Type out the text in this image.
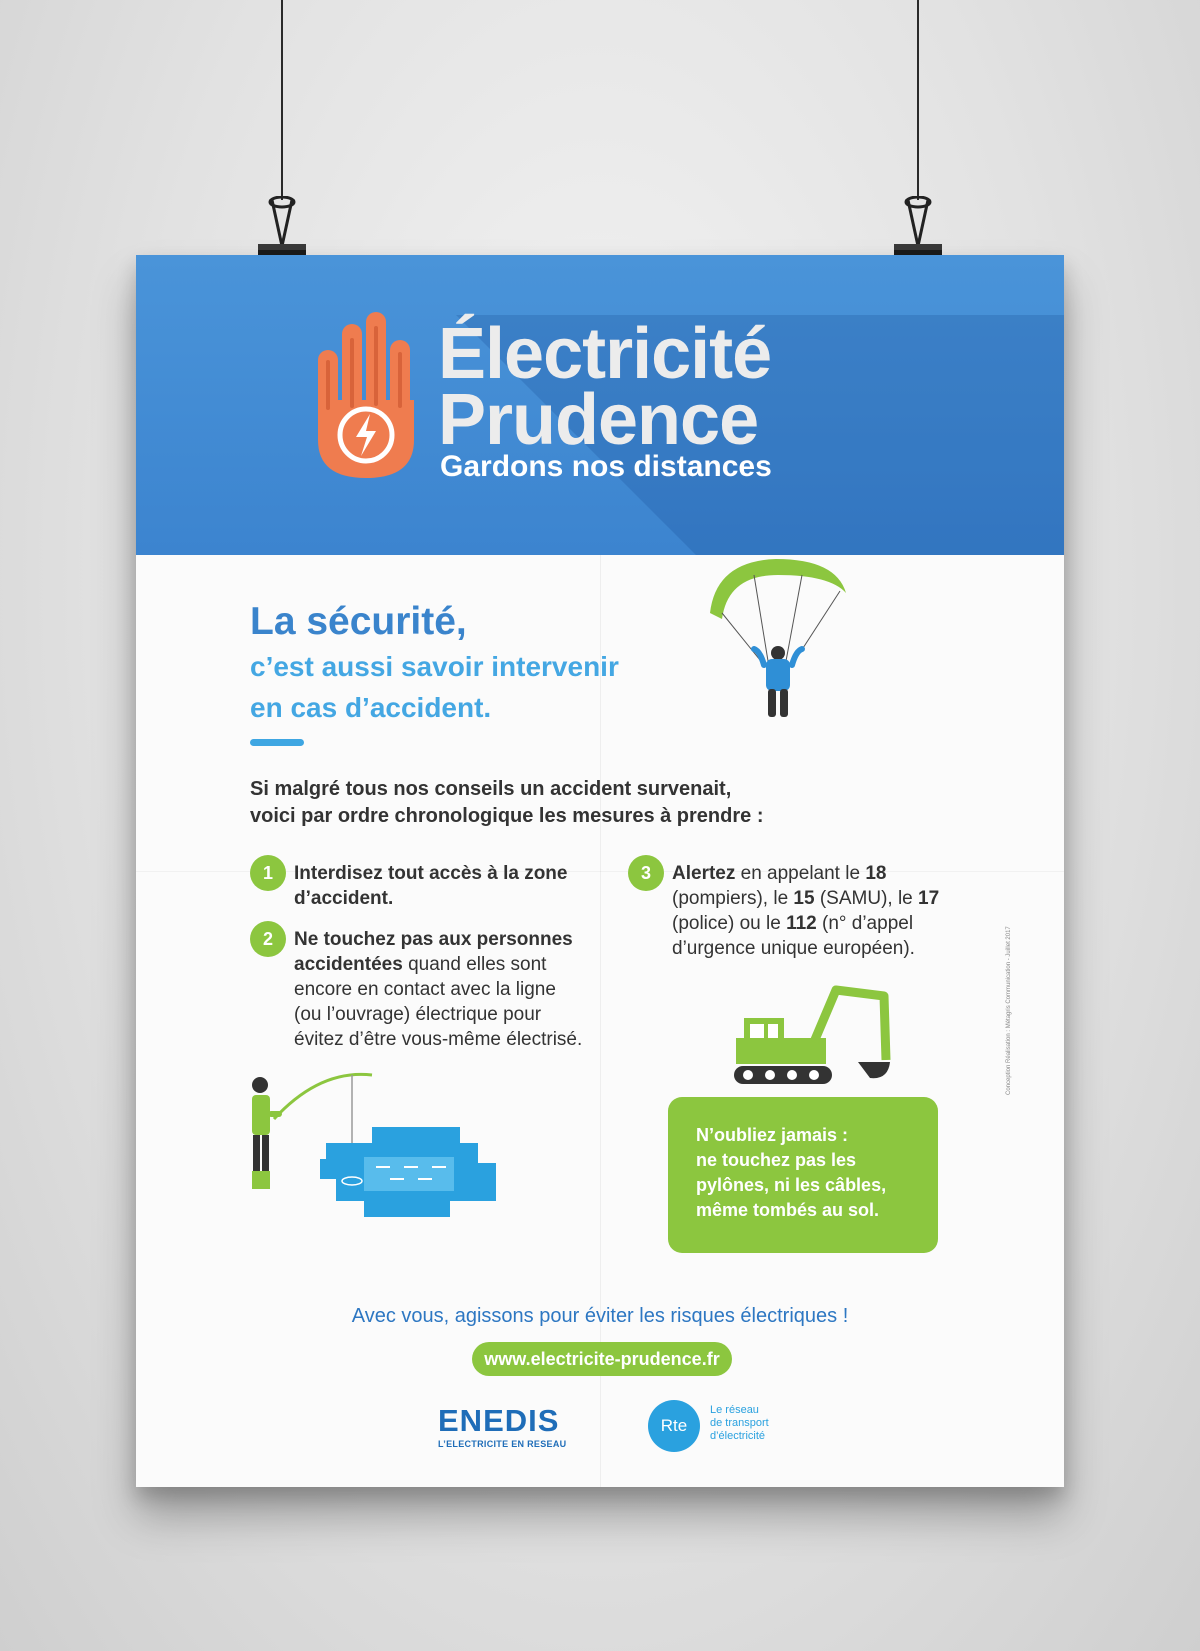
Électricité
Prudence
Gardons nos distances
La sécurité,
c’est aussi savoir intervenir
en cas d’accident.
Si malgré tous nos conseils un accident survenait,
voici par ordre chronologique les mesures à prendre :
1	Interdisez tout accès à la zone
d’accident.
2	Ne touchez pas aux personnes
accidentées quand elles sont
encore en contact avec la ligne
(ou l’ouvrage) électrique pour
évitez d’être vous-même électrisé.
3	Alertez en appelant le 18
(pompiers), le 15 (SAMU), le 17
(police) ou le 112 (n° d’appel
d’urgence unique européen).
N’oubliez jamais :
ne touchez pas les
pylônes, ni les câbles,
même tombés au sol.
Conception Réalisation : Métagris Communication - Juillet 2017
Avec vous, agissons pour éviter les risques électriques !
www.electricite-prudence.fr
ENEDIS
L’ELECTRICITE EN RESEAU
Rte
Le réseau
de transport
d’électricité
